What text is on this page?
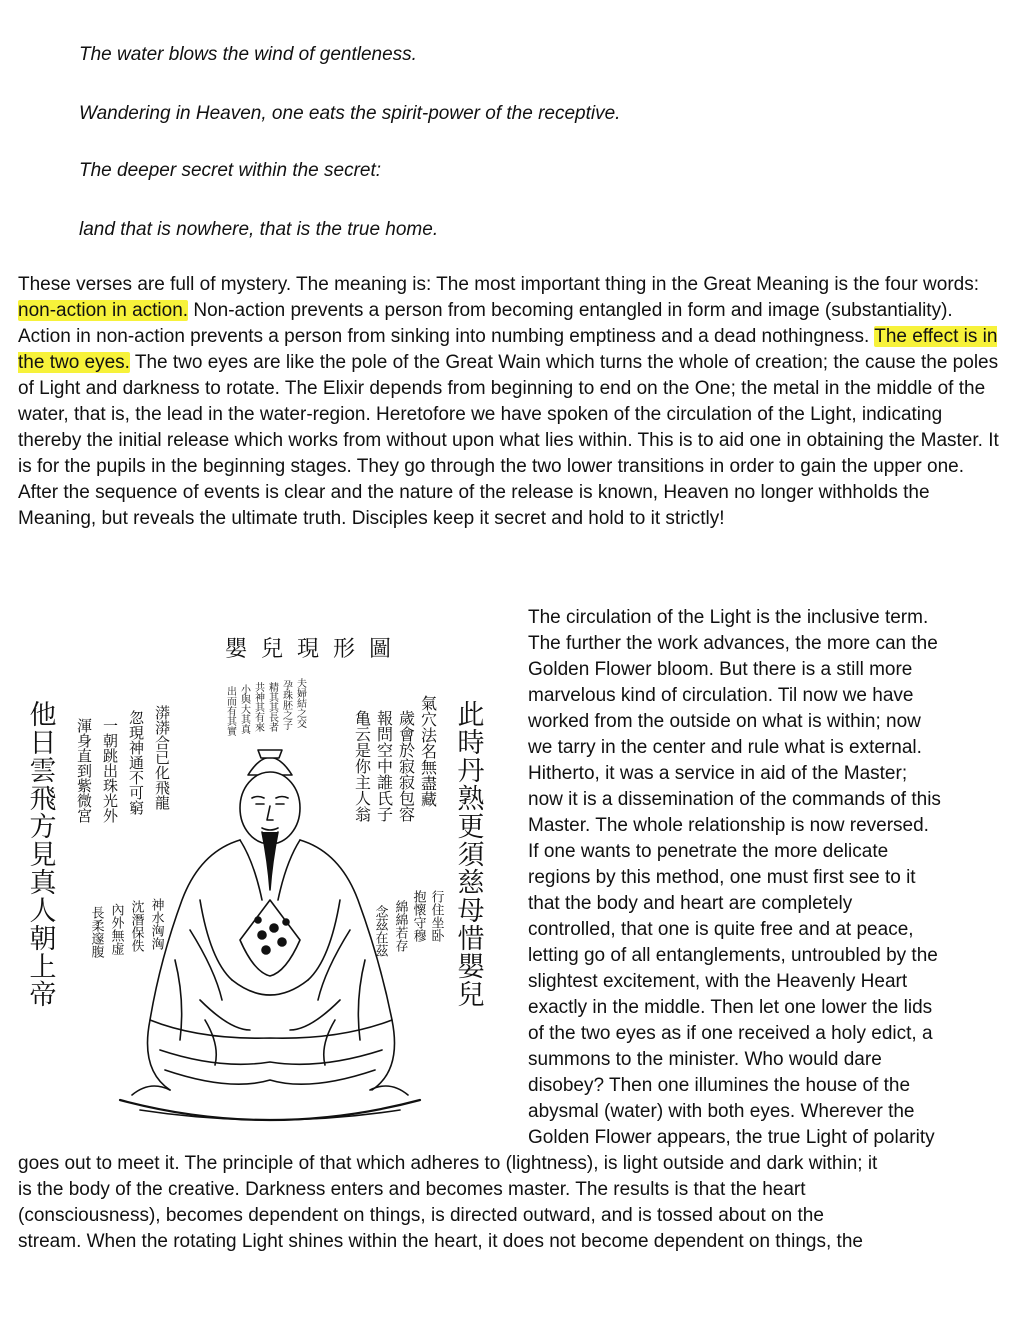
The water blows the wind of gentleness.

Wandering in Heaven, one eats the spirit-power of the receptive.

The deeper secret within the secret:

land that is nowhere, that is the true home.

These verses are full of mystery. The meaning is: The most important thing in the Great Meaning is the four words: non-action in action. Non-action prevents a person from becoming entangled in form and image (substantiality). Action in non-action prevents a person from sinking into numbing emptiness and a dead nothingness. The effect is in the two eyes. The two eyes are like the pole of the Great Wain which turns the whole of creation; the cause the poles of Light and darkness to rotate. The Elixir depends from beginning to end on the One; the metal in the middle of the water, that is, the lead in the water-region. Heretofore we have spoken of the circulation of the Light, indicating thereby the initial release which works from without upon what lies within. This is to aid one in obtaining the Master. It is for the pupils in the beginning stages. They go through the two lower transitions in order to gain the upper one. After the sequence of events is clear and the nature of the release is known, Heaven no longer withholds the Meaning, but reveals the ultimate truth. Disciples keep it secret and hold to it strictly!

嬰兒現形圖
此時丹熟更須慈母惜嬰兒
他日雲飛方見真人朝上帝	氣穴法名無盡藏
歲會於寂寂包容
報問空中誰氏子
亀云是你主人翁
行住坐卧
抱懷守穆
綿綿若存
念茲在茲
漭漭合已化飛龍
忽現神通不可窮
一朝跳出珠光外
渾身直到紫微宮
神水洶洶
沈潛保佚
內外無虚
長柔邃腹
夫婦結之交
孕珠胚之子
精其其長者
共神其有來
小與大其真
出而有其實

The circulation of the Light is the inclusive term.
The further the work advances, the more can the
Golden Flower bloom. But there is a still more
marvelous kind of circulation. Til now we have
worked from the outside on what is within; now
we tarry in the center and rule what is external.
Hitherto, it was a service in aid of the Master;
now it is a dissemination of the commands of this
Master. The whole relationship is now reversed.
If one wants to penetrate the more delicate
regions by this method, one must first see to it
that the body and heart are completely
controlled, that one is quite free and at peace,
letting go of all entanglements, untroubled by the
slightest excitement, with the Heavenly Heart
exactly in the middle. Then let one lower the lids
of the two eyes as if one received a holy edict, a
summons to the minister. Who would dare
disobey? Then one illumines the house of the
abysmal (water) with both eyes. Wherever the
Golden Flower appears, the true Light of polarity

goes out to meet it. The principle of that which adheres to (lightness), is light outside and dark within; it
is the body of the creative. Darkness enters and becomes master. The results is that the heart
(consciousness), becomes dependent on things, is directed outward, and is tossed about on the
stream. When the rotating Light shines within the heart, it does not become dependent on things, the
